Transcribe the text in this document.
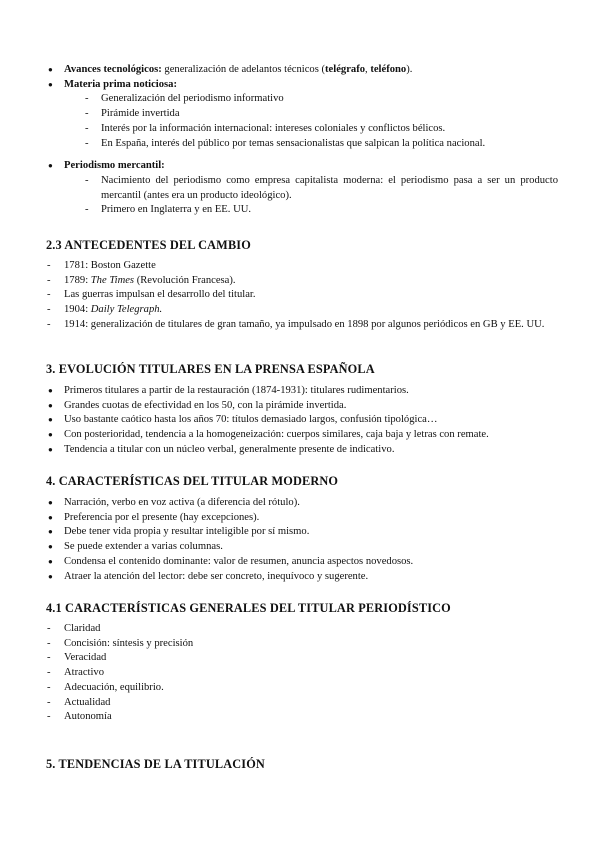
● Avances tecnológicos: generalización de adelantos técnicos (telégrafo, teléfono).
● Materia prima noticiosa:
- Generalización del periodismo informativo
- Pirámide invertida
- Interés por la información internacional: intereses coloniales y conflictos bélicos.
- En España, interés del público por temas sensacionalistas que salpican la política nacional.
● Periodismo mercantil:
- Nacimiento del periodismo como empresa capitalista moderna: el periodismo pasa a ser un producto mercantil (antes era un producto ideológico).
- Primero en Inglaterra y en EE. UU.
2.3 ANTECEDENTES DEL CAMBIO
- 1781: Boston Gazette
- 1789: The Times (Revolución Francesa).
- Las guerras impulsan el desarrollo del titular.
- 1904: Daily Telegraph.
- 1914: generalización de titulares de gran tamaño, ya impulsado en 1898 por algunos periódicos en GB y EE. UU.
3. EVOLUCIÓN TITULARES EN LA PRENSA ESPAÑOLA
● Primeros titulares a partir de la restauración (1874-1931): titulares rudimentarios.
● Grandes cuotas de efectividad en los 50, con la pirámide invertida.
● Uso bastante caótico hasta los años 70: títulos demasiado largos, confusión tipológica…
● Con posterioridad, tendencia a la homogeneización: cuerpos similares, caja baja y letras con remate.
● Tendencia a titular con un núcleo verbal, generalmente presente de indicativo.
4. CARACTERÍSTICAS DEL TITULAR MODERNO
● Narración, verbo en voz activa (a diferencia del rótulo).
● Preferencia por el presente (hay excepciones).
● Debe tener vida propia y resultar inteligible por sí mismo.
● Se puede extender a varias columnas.
● Condensa el contenido dominante: valor de resumen, anuncia aspectos novedosos.
● Atraer la atención del lector: debe ser concreto, inequívoco y sugerente.
4.1 CARACTERÍSTICAS GENERALES DEL TITULAR PERIODÍSTICO
- Claridad
- Concisión: síntesis y precisión
- Veracidad
- Atractivo
- Adecuación, equilibrio.
- Actualidad
- Autonomía
5. TENDENCIAS DE LA TITULACIÓN
